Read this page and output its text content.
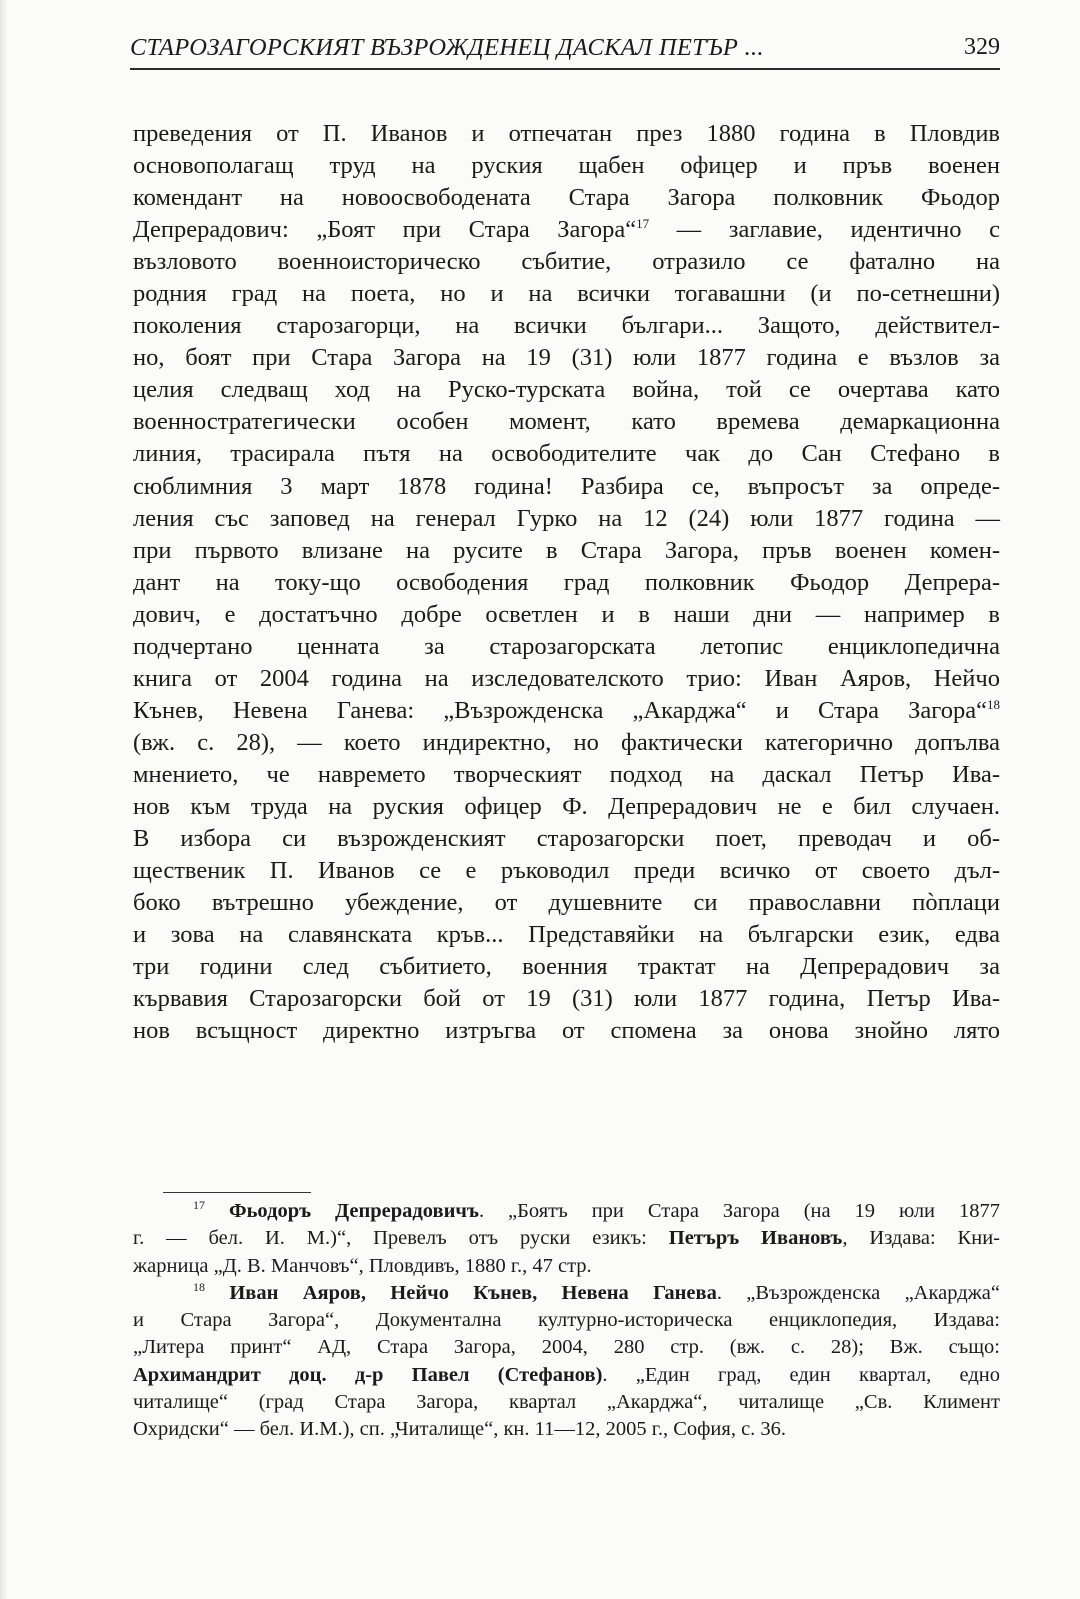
СТАРОЗАГОРСКИЯТ ВЪЗРОЖДЕНЕЦ ДАСКАЛ ПЕТЪР ...	329
преведения от П. Иванов и отпечатан през 1880 година в Пловдив
основополагащ труд на руския щабен офицер и пръв военен
комендант на новоосвободената Стара Загора полковник Фьодор
Депрерадович: „Боят при Стара Загора“$^{17}$ — заглавие, идентично с
възловото военноисторическо събитие, отразило се фатално на
родния град на поета, но и на всички тогавашни (и по-сетнешни)
поколения старозагорци, на всички българи... Защото, действител-
но, боят при Стара Загора на 19 (31) юли 1877 година е възлов за
целия следващ ход на Руско-турската война, той се очертава като
военностратегически особен момент, като времева демаркационна
линия, трасирала пътя на освободителите чак до Сан Стефано в
сюблимния 3 март 1878 година! Разбира се, въпросът за опреде-
ления със заповед на генерал Гурко на 12 (24) юли 1877 година —
при първото влизане на русите в Стара Загора, пръв военен комен-
дант на току-що освободения град полковник Фьодор Депрера-
дович, е достатъчно добре осветлен и в наши дни — например в
подчертано ценната за старозагорската летопис енциклопедична
книга от 2004 година на изследователското трио: Иван Аяров, Нейчо
Кънев, Невена Ганева: „Възрожденска „Акарджа“ и Стара Загора“$^{18}$
(вж. с. 28), — което индиректно, но фактически категорично допълва
мнението, че навремето творческият подход на даскал Петър Ива-
нов към труда на руския офицер Ф. Депрерадович не е бил случаен.
В избора си възрожденският старозагорски поет, преводач и об-
щественик П. Иванов се е ръководил преди всичко от своето дъл-
боко вътрешно убеждение, от душевните си православни пòплаци
и зова на славянската кръв... Представяйки на български език, едва
три години след събитието, военния трактат на Депрерадович за
кървавия Старозагорски бой от 19 (31) юли 1877 година, Петър Ива-
нов всъщност директно изтръгва от спомена за онова знойно лято
$^{17}$ Фьодоръ Депрерадовичъ. „Боятъ при Стара Загора (на 19 юли 1877
г. — бел. И. М.)“, Превелъ отъ руски езикъ: Петъръ Ивановъ, Издава: Кни-
жарница „Д. В. Манчовъ“, Пловдивъ, 1880 г., 47 стр.
$^{18}$ Иван Аяров, Нейчо Кънев, Невена Ганева. „Възрожденска „Акарджа“
и Стара Загора“, Документална културно-историческа енциклопедия, Издава:
„Литера принт“ АД, Стара Загора, 2004, 280 стр. (вж. с. 28); Вж. също:
Архимандрит доц. д-р Павел (Стефанов). „Един град, един квартал, едно
читалище“ (град Стара Загора, квартал „Акарджа“, читалище „Св. Климент
Охридски“ — бел. И.М.), сп. „Читалище“, кн. 11—12, 2005 г., София, с. 36.
